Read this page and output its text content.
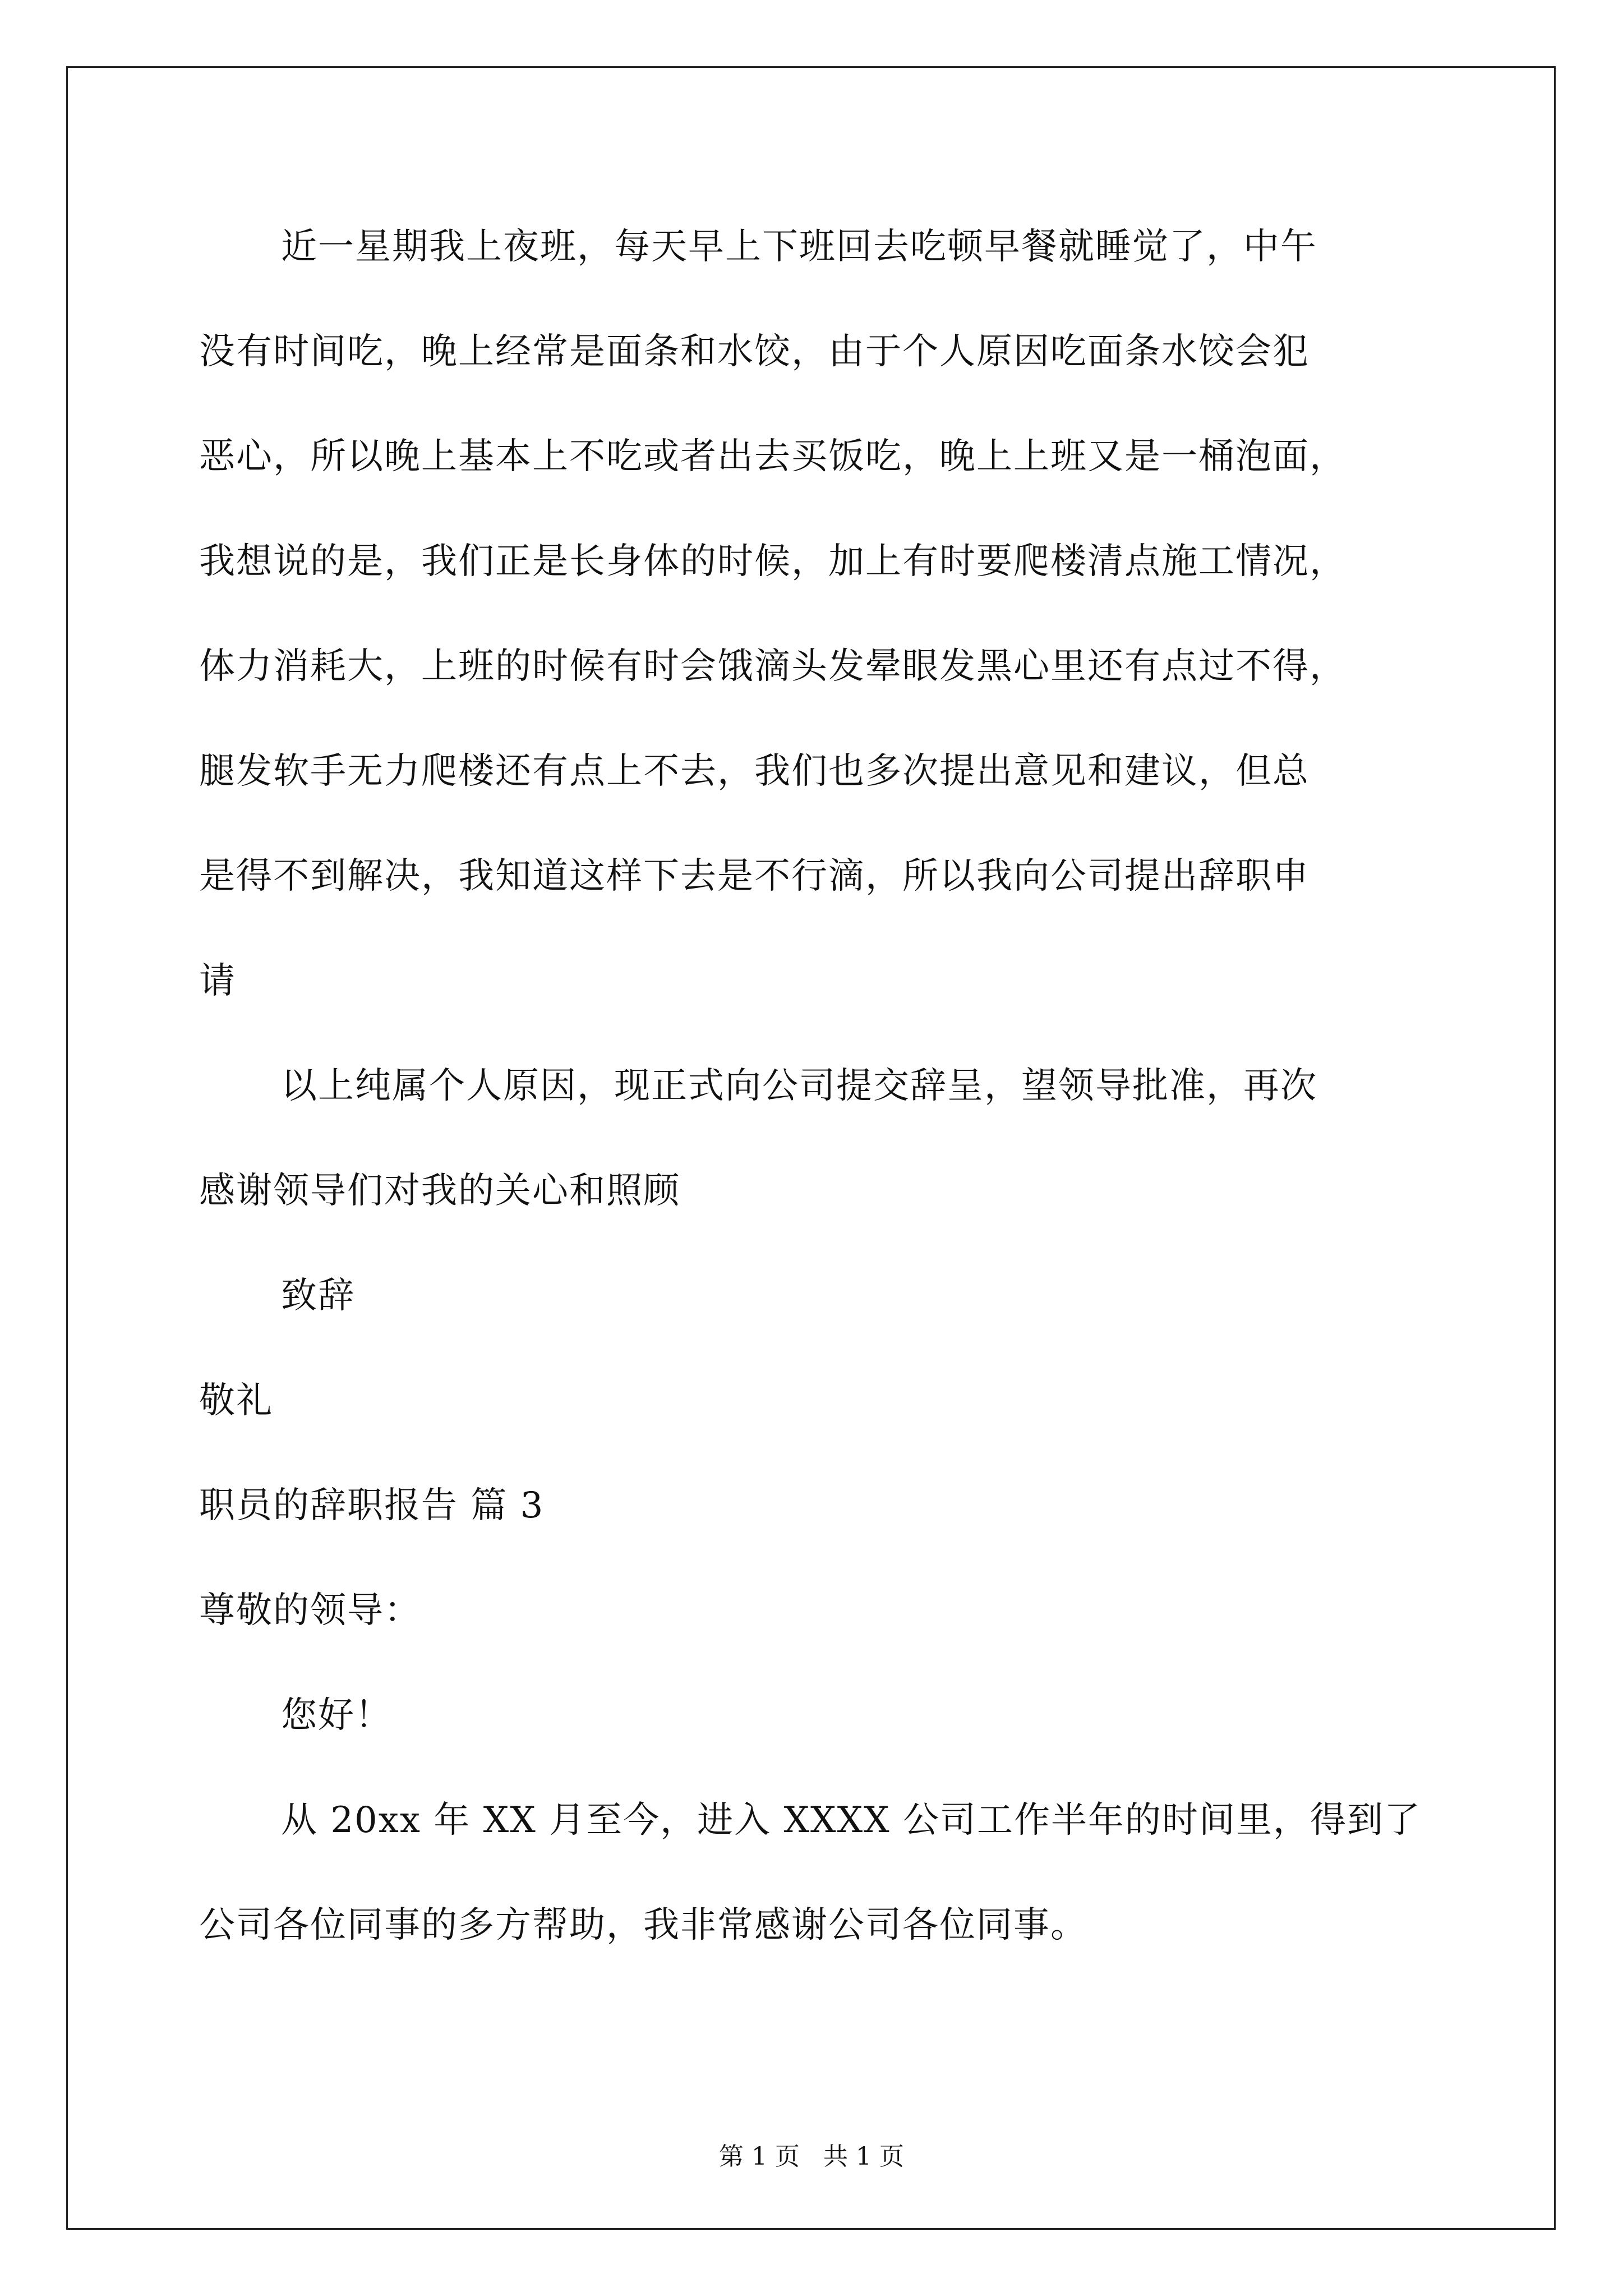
近一星期我上夜班，每天早上下班回去吃顿早餐就睡觉了，中午
没有时间吃，晚上经常是面条和水饺，由于个人原因吃面条水饺会犯
恶心，所以晚上基本上不吃或者出去买饭吃，晚上上班又是一桶泡面，
我想说的是，我们正是长身体的时候，加上有时要爬楼清点施工情况，
体力消耗大，上班的时候有时会饿滴头发晕眼发黑心里还有点过不得，
腿发软手无力爬楼还有点上不去，我们也多次提出意见和建议，但总
是得不到解决，我知道这样下去是不行滴，所以我向公司提出辞职申
请
以上纯属个人原因，现正式向公司提交辞呈，望领导批准，再次
感谢领导们对我的关心和照顾
致辞
敬礼
职员的辞职报告 篇 3
尊敬的领导：
您好！
从 20xx 年 XX 月至今，进入 XXXX 公司工作半年的时间里，得到了
公司各位同事的多方帮助，我非常感谢公司各位同事。
第 1 页 共 1 页
